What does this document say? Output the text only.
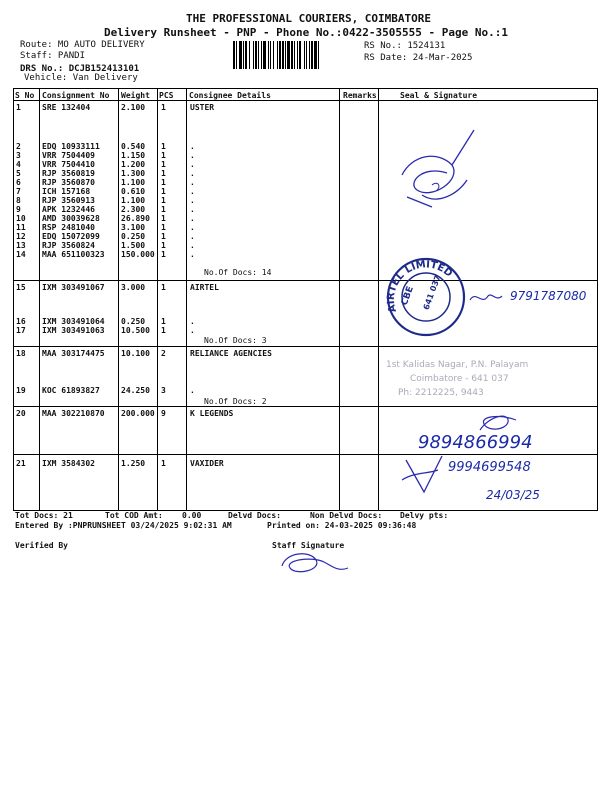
THE PROFESSIONAL COURIERS, COIMBATORE
Delivery Runsheet - PNP - Phone No.:0422-3505555 - Page No.:1
Route: MO AUTO DELIVERY
Staff: PANDI
DRS No.: DCJB152413101
Vehicle: Van Delivery
RS No.: 1524131
RS Date: 24-Mar-2025
S No Consignment No Weight PCS Consignee Details	Remarks	Seal & Signature
1	SRE 132404	2.100 1	USTER
2	EDQ 10933111	0.540 1	.
3	VRR 7504409	1.150 1	.
4	VRR 7504410	1.200 1	.
5	RJP 3560819	1.300 1	.
6	RJP 3560870	1.100 1	.
7	ICH 157168	0.610 1	.
8	RJP 3560913	1.100 1	.
9	APK 1232446	2.300 1	.
10 AMD 30039628	26.890 1	.
11 RSP 2481040	3.100 1	.
12 EDQ 15072099	0.250 1	.
13 RJP 3560824	1.500 1	.
14 MAA 651100323 150.000 1	.
No.Of Docs: 14
15 IXM 303491067 3.000 1	AIRTEL
16 IXM 303491064 0.250 1	.
17 IXM 303491063 10.500 1	.
No.Of Docs: 3
18 MAA 303174475 10.100 2	RELIANCE AGENCIES
19 KOC 61893827	24.250 3	.
No.Of Docs: 2
20 MAA 302210870 200.000 9	K LEGENDS
21 IXM 3584302	1.250 1	VAXIDER
AIRTEL LIMITED
CBE 641 037	9791787080
1st Kalidas Nagar, P.N. Palayam
Coimbatore - 641 037
Ph: 2212225, 9443
9894866994
9994699548
24/03/25
Tot Docs: 21	Tot COD Amt: 0.00	Delvd Docs:	Non Delvd Docs: Delvy pts:
Entered By :PNPRUNSHEET 03/24/2025 9:02:31 AM	Printed on: 24-03-2025 09:36:48
Verified By	Staff Signature
